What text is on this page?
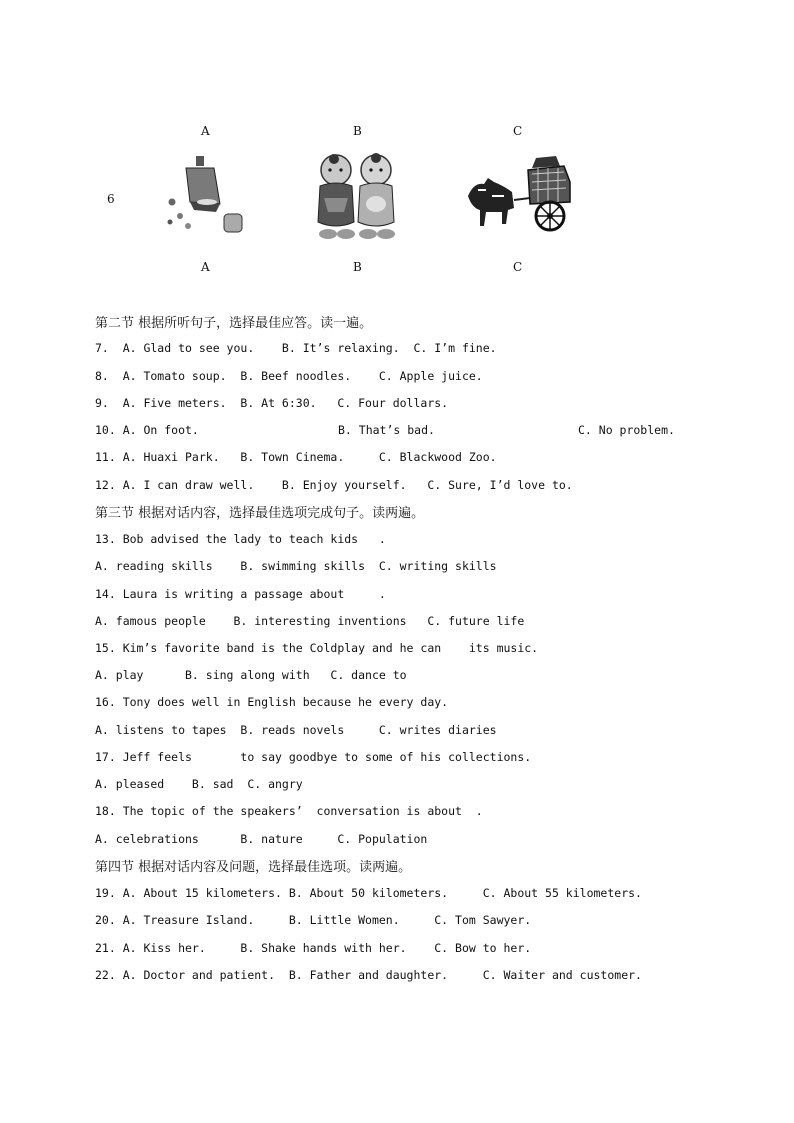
A	B	C
6
A	B	C
第二节 根据所听句子，选择最佳应答。读一遍。
7.  A. Glad to see you.    B. It’s relaxing.  C. I’m fine.
8.  A. Tomato soup.  B. Beef noodles.    C. Apple juice.
9.  A. Five meters.  B. At 6:30.   C. Four dollars.
10. A. On foot.	B. That’s bad.	C. No problem.
11. A. Huaxi Park.   B. Town Cinema.     C. Blackwood Zoo.
12. A. I can draw well.    B. Enjoy yourself.   C. Sure, I’d love to.
第三节 根据对话内容，选择最佳选项完成句子。读两遍。
13. Bob advised the lady to teach kids   .
A. reading skills    B. swimming skills  C. writing skills
14. Laura is writing a passage about     .
A. famous people    B. interesting inventions   C. future life
15. Kim’s favorite band is the Coldplay and he can    its music.
A. play      B. sing along with   C. dance to
16. Tony does well in English because he every day.
A. listens to tapes  B. reads novels     C. writes diaries
17. Jeff feels       to say goodbye to some of his collections.
A. pleased    B. sad  C. angry
18. The topic of the speakers’  conversation is about  .
A. celebrations      B. nature     C. Population
第四节 根据对话内容及问题，选择最佳选项。读两遍。
19. A. About 15 kilometers. B. About 50 kilometers.     C. About 55 kilometers.
20. A. Treasure Island.     B. Little Women.     C. Tom Sawyer.
21. A. Kiss her.     B. Shake hands with her.    C. Bow to her.
22. A. Doctor and patient.  B. Father and daughter.     C. Waiter and customer.
